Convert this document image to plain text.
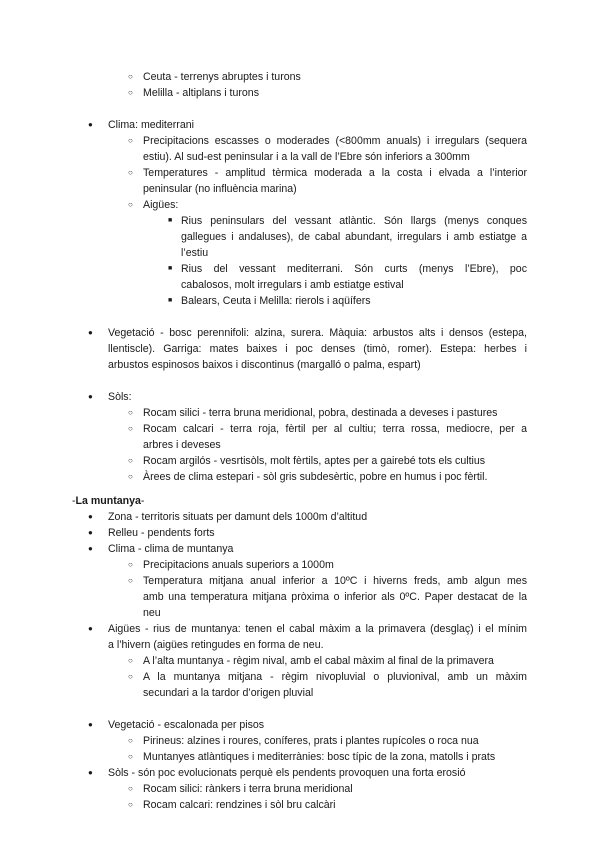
○ Ceuta - terrenys abruptes i turons
○ Melilla - altiplans i turons
● Clima: mediterrani
○ Precipitacions escasses o moderades (<800mm anuals) i irregulars (sequera
estiu). Al sud-est peninsular i a la vall de l’Ebre són inferiors a 300mm
○ Temperatures - amplitud tèrmica moderada a la costa i elvada a l’interior
peninsular (no influència marina)
○ Aigües:
■ Rius peninsulars del vessant atlàntic. Són llargs (menys conques
gallegues i andaluses), de cabal abundant, irregulars i amb estiatge a
l’estiu
■ Rius del vessant mediterrani. Són curts (menys l’Ebre), poc
cabalosos, molt irregulars i amb estiatge estival
■ Balears, Ceuta i Melilla: rierols i aqüífers
● Vegetació - bosc perennifoli: alzina, surera. Màquia: arbustos alts i densos (estepa,
llentiscle). Garriga: mates baixes i poc denses (timò, romer). Estepa: herbes i
arbustos espinosos baixos i discontinus (margalló o palma, espart)
● Sòls:
○ Rocam silici - terra bruna meridional, pobra, destinada a deveses i pastures
○ Rocam calcari - terra roja, fèrtil per al cultiu; terra rossa, mediocre, per a
arbres i deveses
○ Rocam argilós - vesrtisòls, molt fèrtils, aptes per a gairebé tots els cultius
○ Àrees de clima estepari - sòl gris subdesèrtic, pobre en humus i poc fèrtil.
-La muntanya-
● Zona - territoris situats per damunt dels 1000m d’altitud
● Relleu - pendents forts
● Clima - clima de muntanya
○ Precipitacions anuals superiors a 1000m
○ Temperatura mitjana anual inferior a 10ºC i hiverns freds, amb algun mes
amb una temperatura mitjana pròxima o inferior als 0ºC. Paper destacat de la
neu
● Aigües - rius de muntanya: tenen el cabal màxim a la primavera (desglaç) i el mínim
a l’hivern (aigües retingudes en forma de neu.
○ A l’alta muntanya - règim nival, amb el cabal màxim al final de la primavera
○ A la muntanya mitjana - règim nivopluvial o pluvionival, amb un màxim
secundari a la tardor d’origen pluvial
● Vegetació - escalonada per pisos
○ Pirineus: alzines i roures, coníferes, prats i plantes rupícoles o roca nua
○ Muntanyes atlàntiques i mediterrànies: bosc típic de la zona, matolls i prats
● Sòls - són poc evolucionats perquè els pendents provoquen una forta erosió
○ Rocam silici: rànkers i terra bruna meridional
○ Rocam calcari: rendzines i sòl bru calcàri
